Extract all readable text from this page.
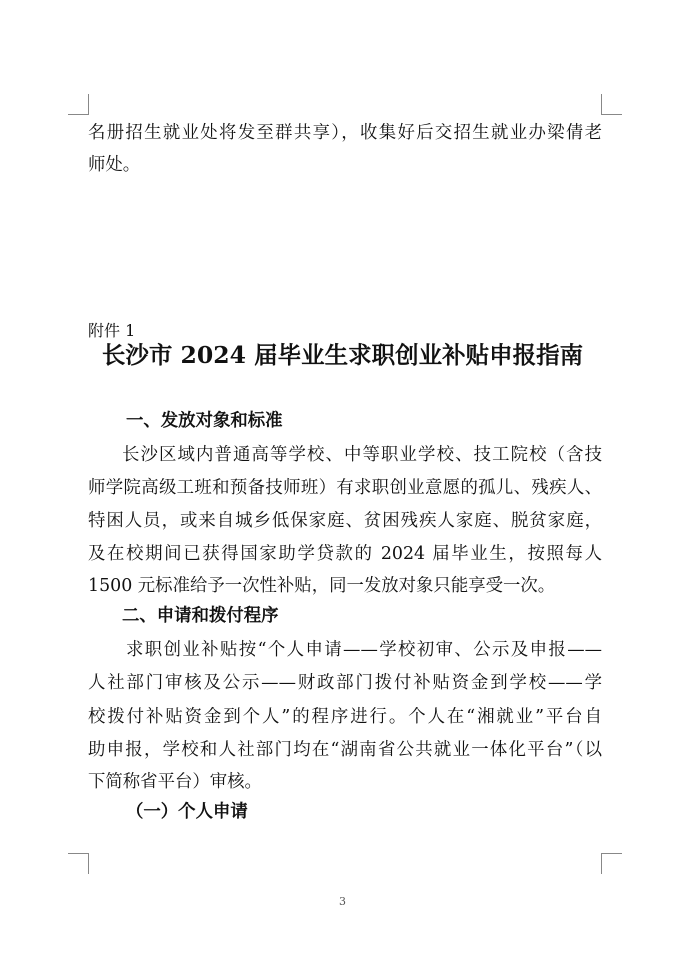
名册招生就业处将发至群共享），收集好后交招生就业办梁倩老
师处。
附件 1
长沙市 2024 届毕业生求职创业补贴申报指南
一、发放对象和标准
长沙区域内普通高等学校、中等职业学校、技工院校（含技
师学院高级工班和预备技师班）有求职创业意愿的孤儿、残疾人、
特困人员，或来自城乡低保家庭、贫困残疾人家庭、脱贫家庭，
及在校期间已获得国家助学贷款的 2024 届毕业生，按照每人
1500 元标准给予一次性补贴，同一发放对象只能享受一次。
二、申请和拨付程序
求职创业补贴按“个人申请——学校初审、公示及申报——
人社部门审核及公示——财政部门拨付补贴资金到学校——学
校拨付补贴资金到个人”的程序进行。个人在“湘就业”平台自
助申报，学校和人社部门均在“湖南省公共就业一体化平台”（以
下简称省平台）审核。
（一）个人申请
3
